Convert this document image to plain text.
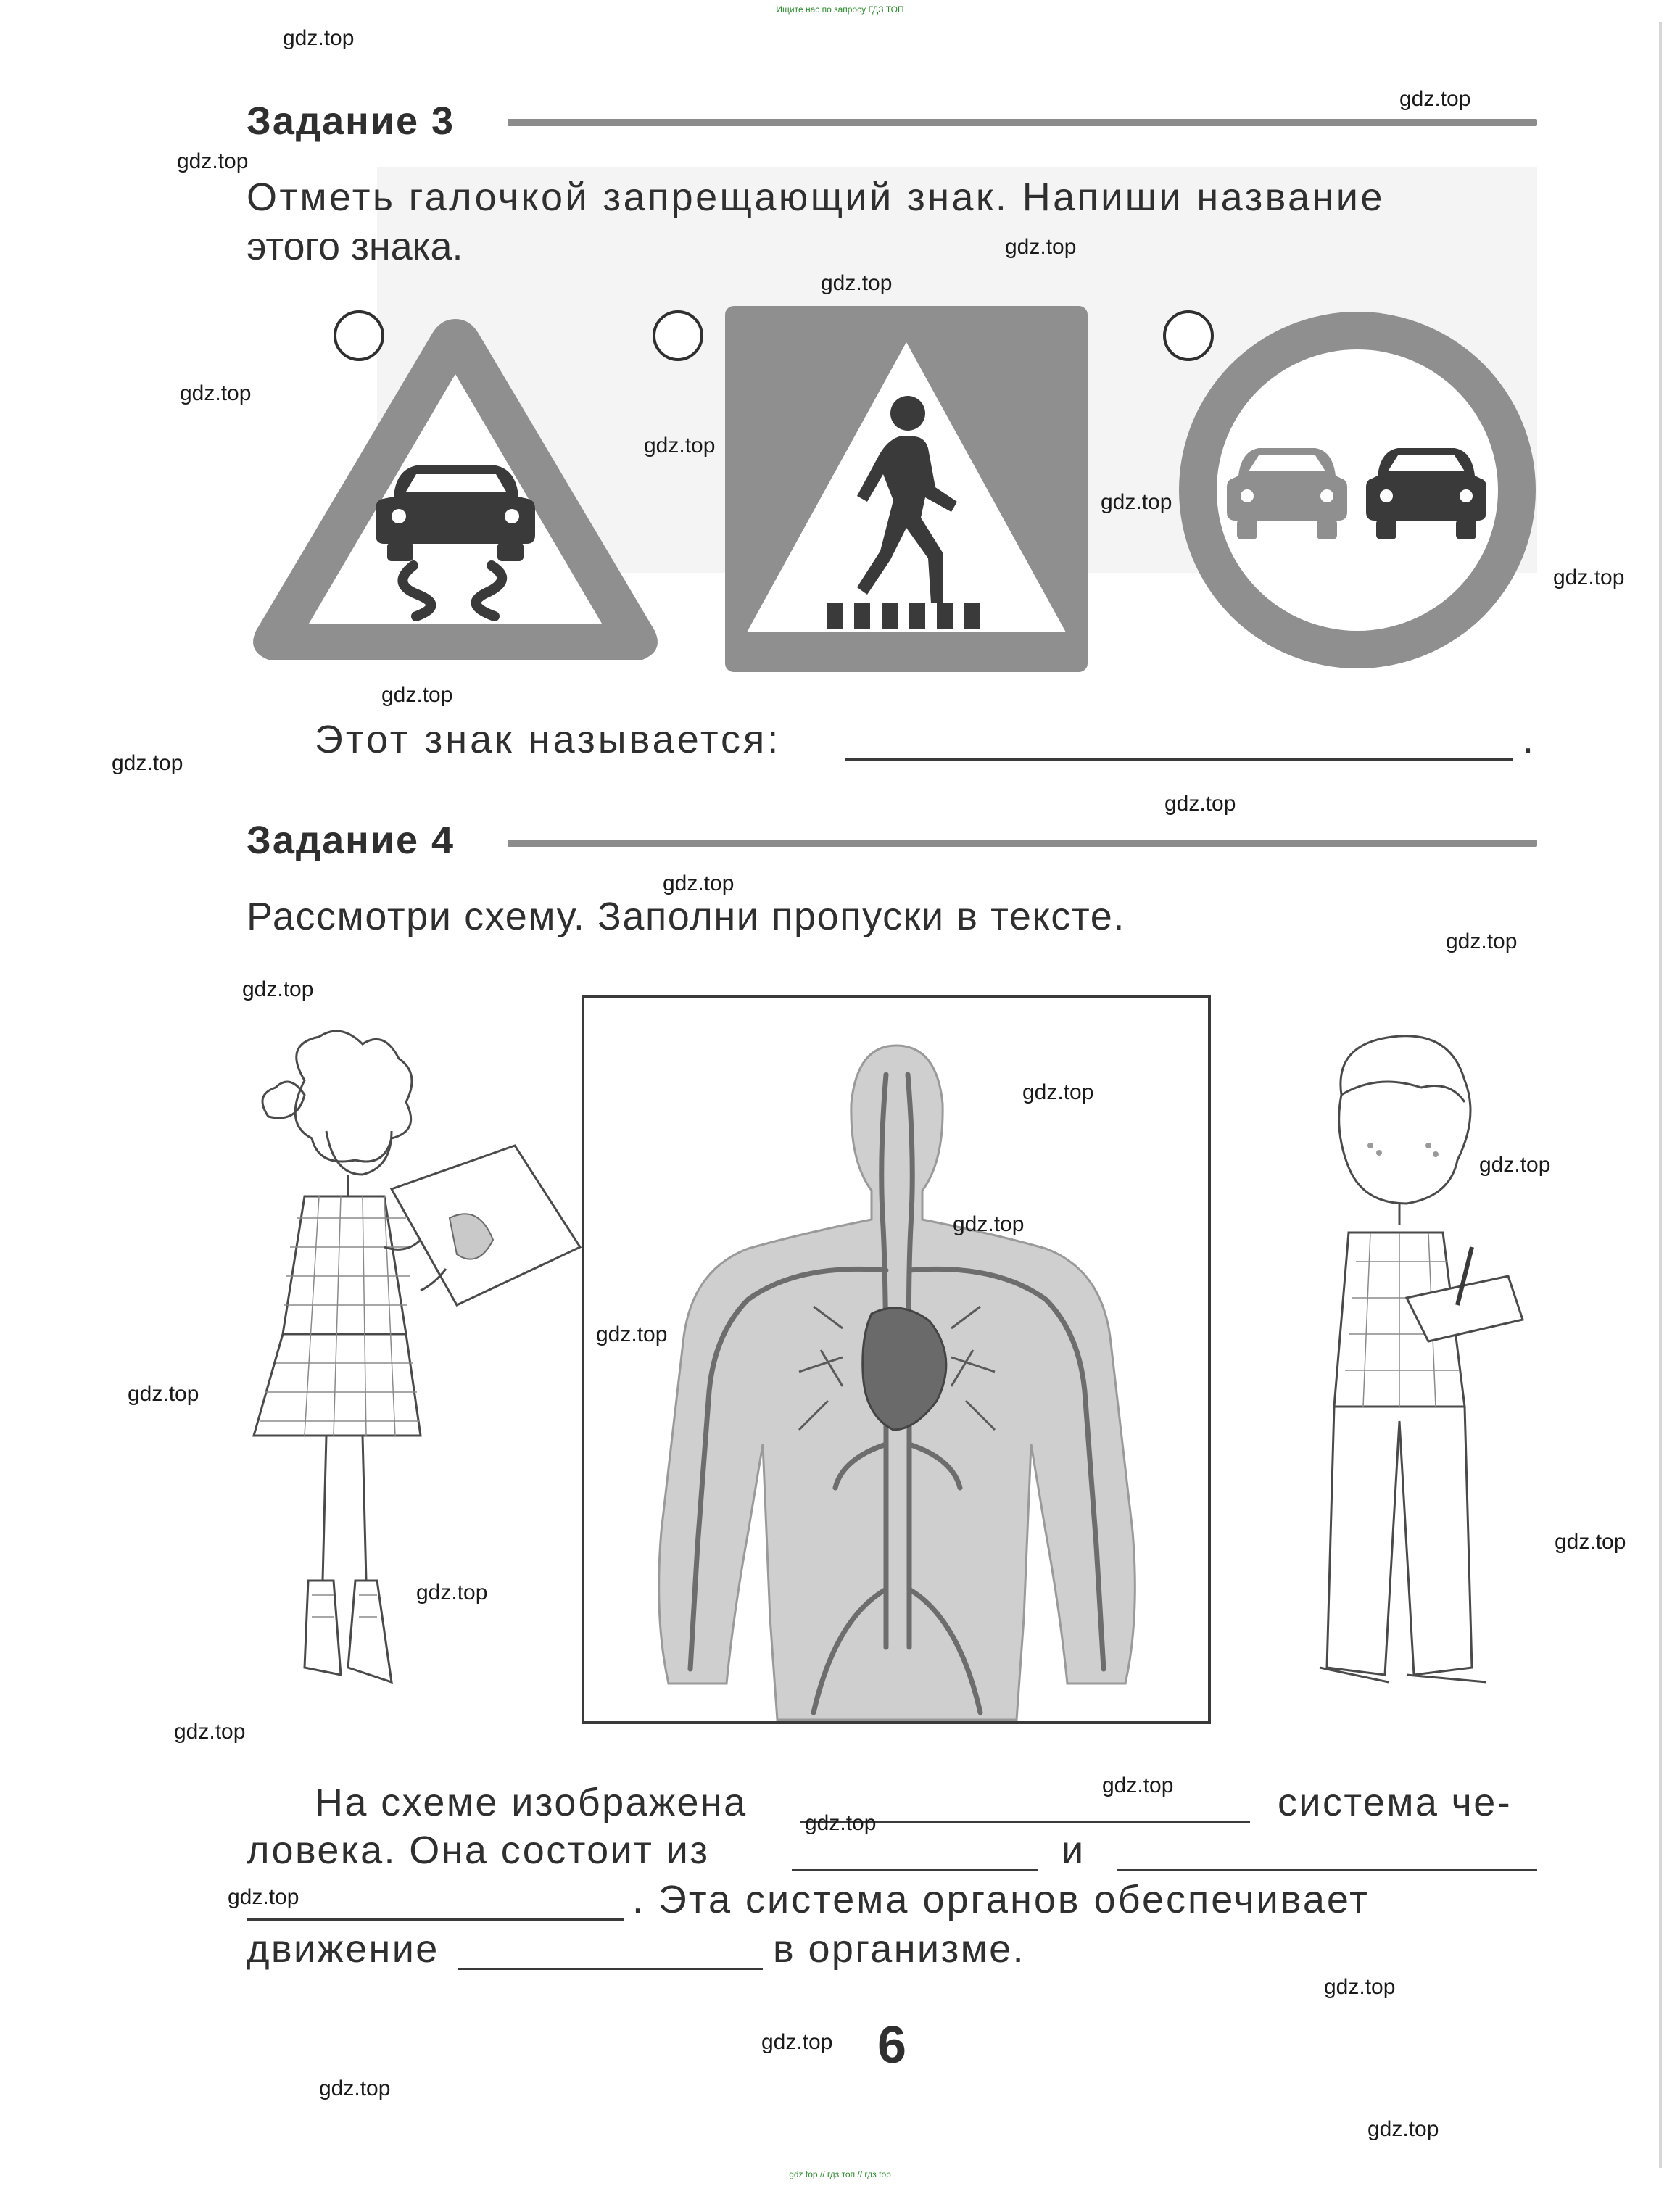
Ищите нас по запросу ГДЗ ТОП
Задание 3
Отметь галочкой запрещающий знак. Напиши название
этого знака.
Этот знак называется:	.
Задание 4
Рассмотри схему. Заполни пропуски в тексте.
На схеме изображена	система че-
ловека. Она состоит из	и
. Эта система органов обеспечивает
движение	в организме.
6
gdz.top
gdz.top
gdz.top
gdz.top
gdz.top
gdz.top
gdz.top
gdz.top
gdz.top
gdz.top
gdz.top
gdz.top
gdz.top
gdz.top
gdz.top
gdz.top
gdz.top
gdz.top
gdz.top
gdz.top
gdz.top
gdz.top
gdz.top
gdz.top
gdz.top
gdz.top
gdz.top
gdz.top
gdz.top
gdz.top
gdz top // гдз топ // гдз top
